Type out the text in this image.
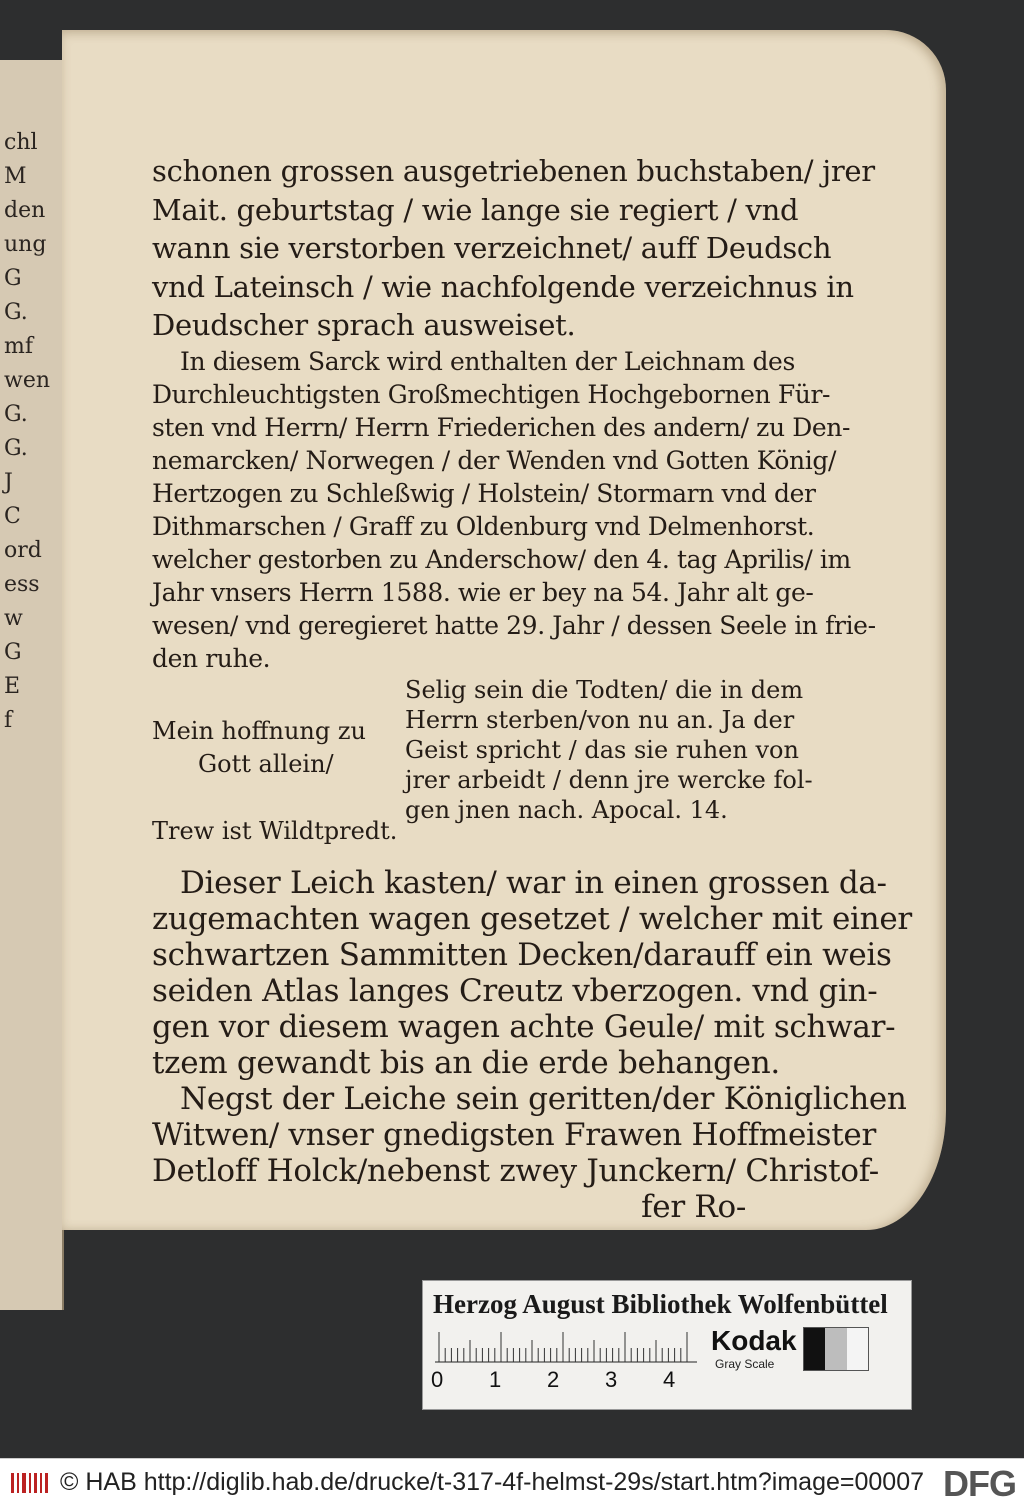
chl
M
den
ung
G
G.
mf
wen
G.
G.
J
C
ord
ess
w
G
E
f
schonen grossen ausgetriebenen buchstaben/ jrer
Mait. geburtstag / wie lange sie regiert / vnd
wann sie verstorben verzeichnet/ auff Deudsch
vnd Lateinsch / wie nachfolgende verzeichnus in
Deudscher sprach ausweiset.
In diesem Sarck wird enthalten der Leichnam des
Durchleuchtigsten Großmechtigen Hochgebornen Für-
sten vnd Herrn/ Herrn Friederichen des andern/ zu Den-
nemarcken/ Norwegen / der Wenden vnd Gotten König/
Hertzogen zu Schleßwig / Holstein/ Stormarn vnd der
Dithmarschen / Graff zu Oldenburg vnd Delmenhorst.
welcher gestorben zu Anderschow/ den 4. tag Aprilis/ im
Jahr vnsers Herrn 1588. wie er bey na 54. Jahr alt ge-
wesen/ vnd geregieret hatte 29. Jahr / dessen Seele in frie-
den ruhe.
Mein hoffnung zu
Gott allein/
Trew ist Wildtpredt.
Selig sein die Todten/ die in dem
Herrn sterben/von nu an. Ja der
Geist spricht / das sie ruhen von
jrer arbeidt / denn jre wercke fol-
gen jnen nach. Apocal. 14.
Dieser Leich kasten/ war in einen grossen da-
zugemachten wagen gesetzet / welcher mit einer
schwartzen Sammitten Decken/darauff ein weis
seiden Atlas langes Creutz vberzogen. vnd gin-
gen vor diesem wagen achte Geule/ mit schwar-
tzem gewandt bis an die erde behangen.
Negst der Leiche sein geritten/der Königlichen
Witwen/ vnser gnedigsten Frawen Hoffmeister
Detloff Holck/nebenst zwey Junckern/ Christof-
fer Ro-
Herzog August Bibliothek Wolfenbüttel
0 1 2 3 4
Kodak
Gray Scale
© HAB http://diglib.hab.de/drucke/t-317-4f-helmst-29s/start.htm?image=00007 DFG
